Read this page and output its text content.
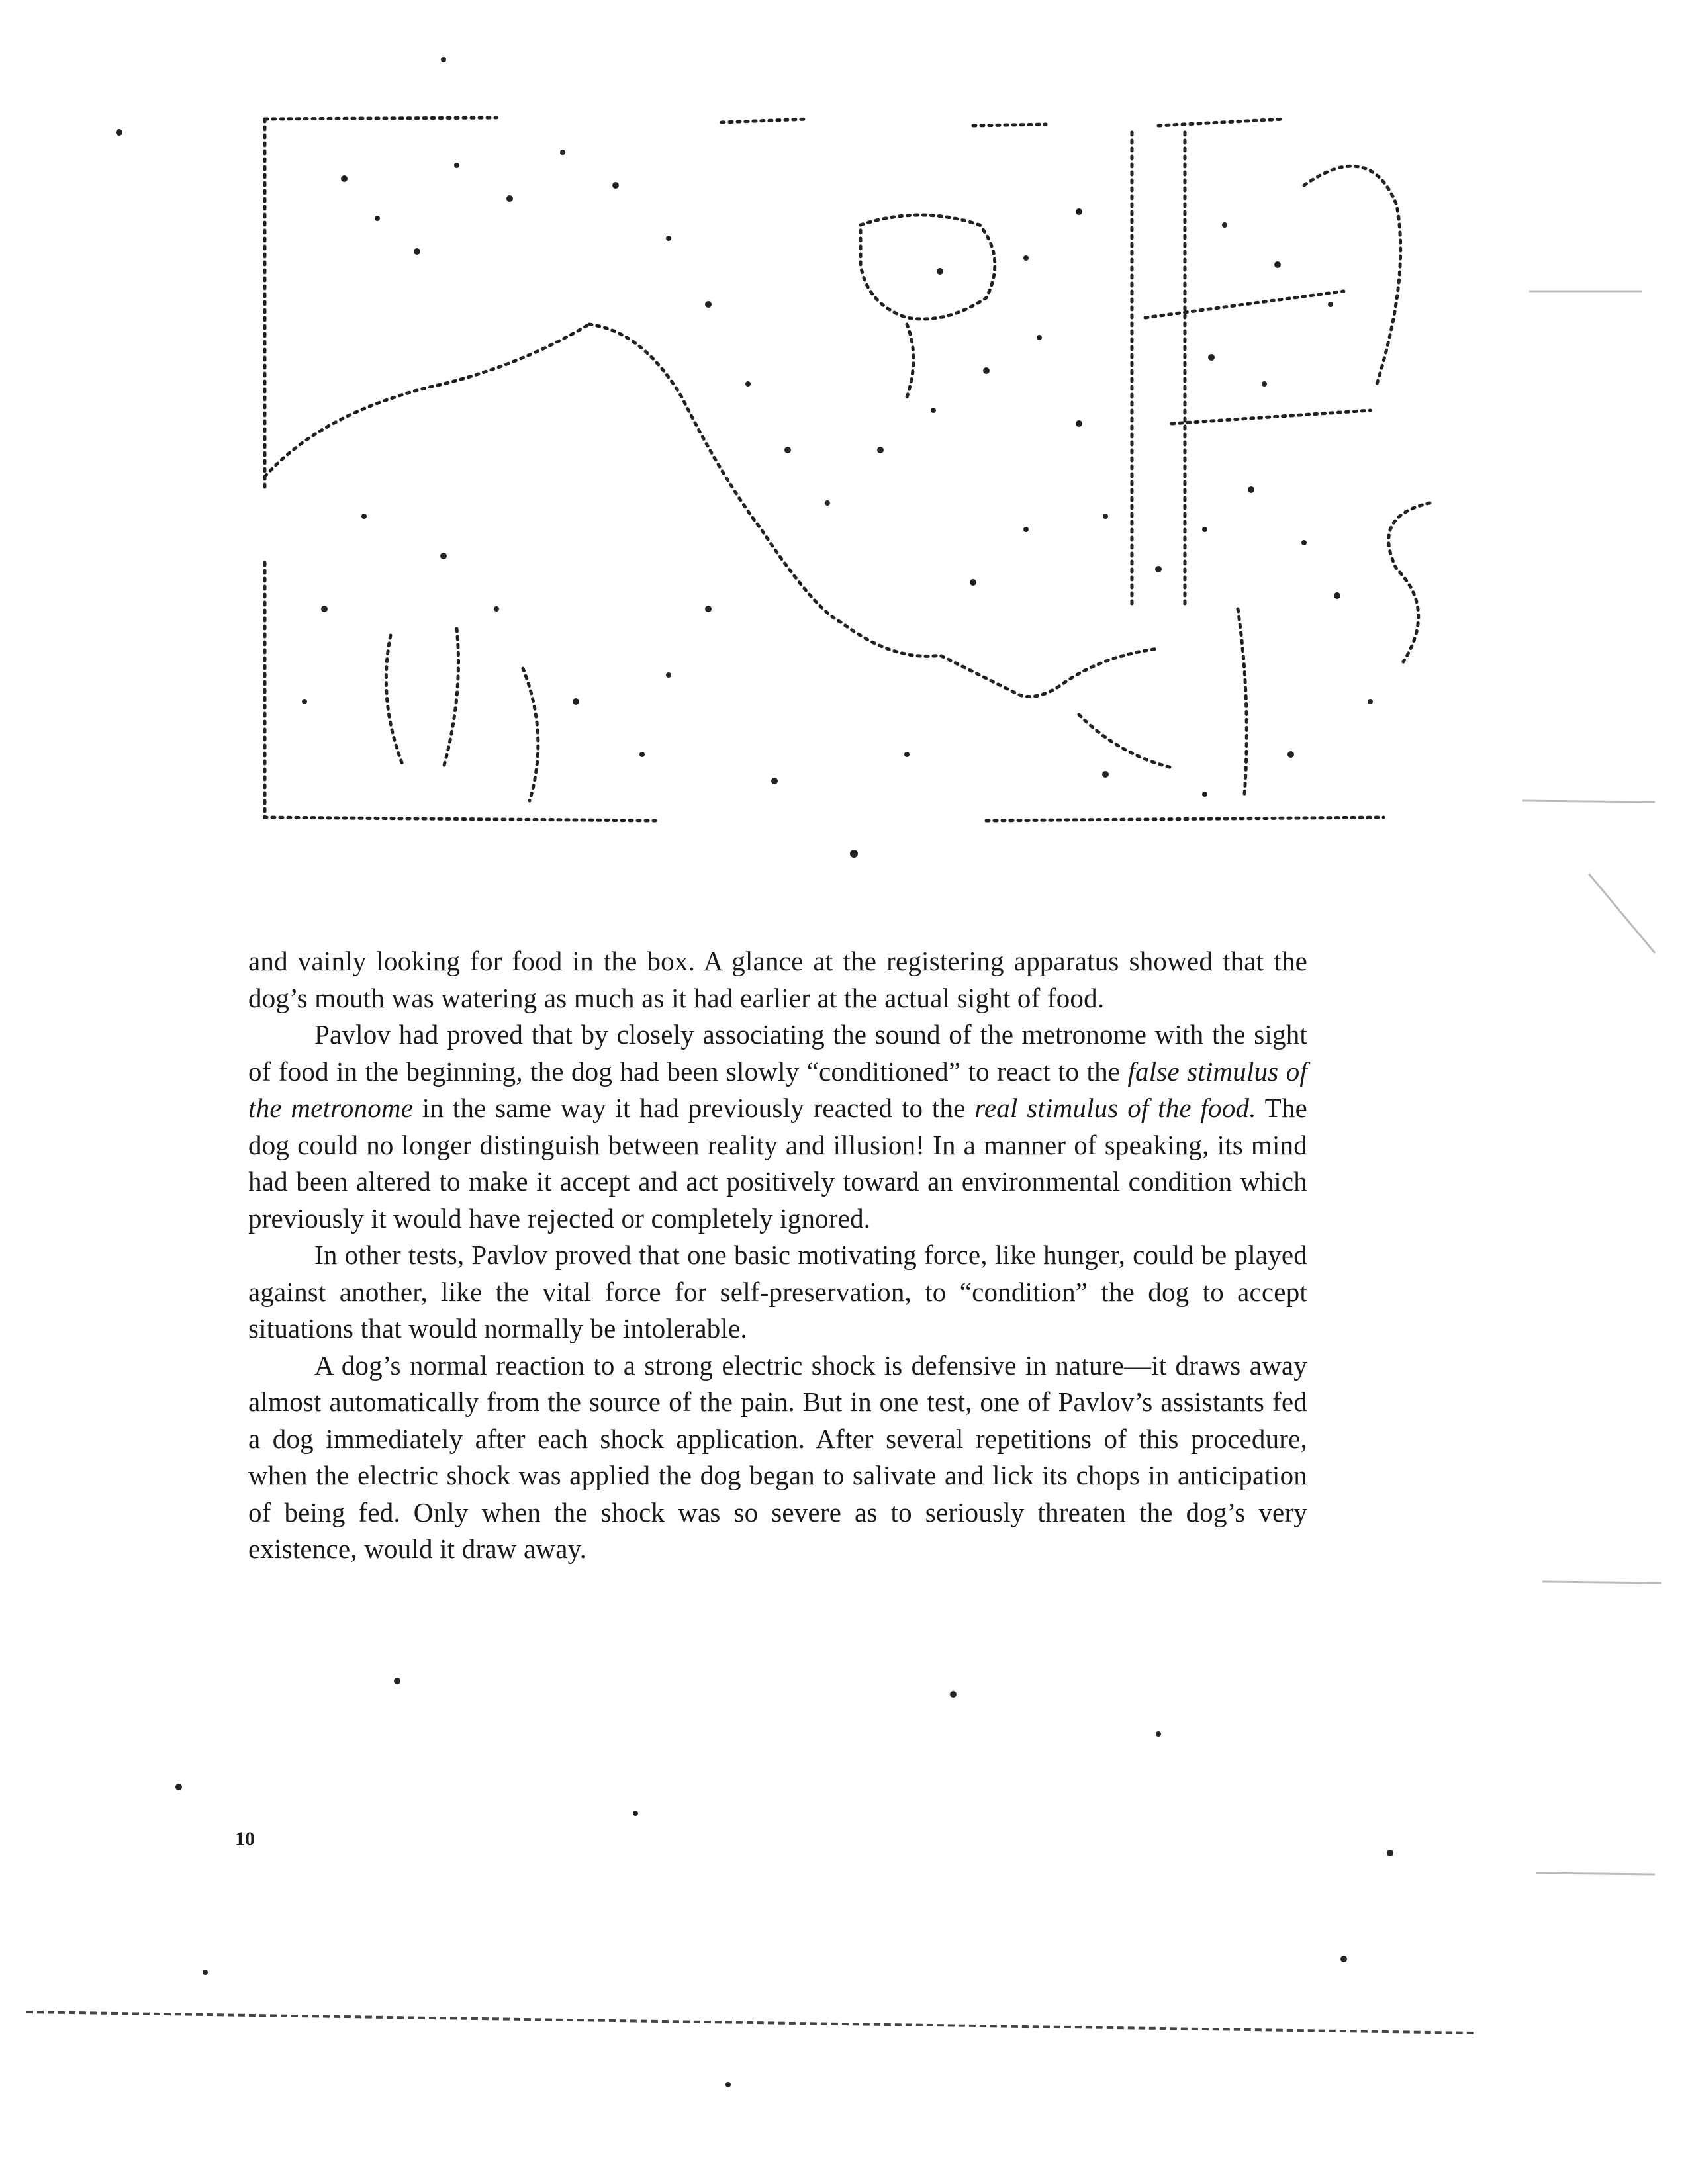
and vainly looking for food in the box. A glance at the registering apparatus showed that the dog’s mouth was watering as much as it had earlier at the actual sight of food.

Pavlov had proved that by closely associating the sound of the metronome with the sight of food in the beginning, the dog had been slowly “conditioned” to react to the false stimulus of the metronome in the same way it had previously reacted to the real stimulus of the food. The dog could no longer distinguish between reality and illusion! In a manner of speaking, its mind had been altered to make it accept and act positively toward an environmental condition which previously it would have rejected or completely ignored.

In other tests, Pavlov proved that one basic motivating force, like hunger, could be played against another, like the vital force for self-preservation, to “condition” the dog to accept situations that would normally be intolerable.

A dog’s normal reaction to a strong electric shock is defensive in nature—it draws away almost automatically from the source of the pain. But in one test, one of Pavlov’s assistants fed a dog immediately after each shock application. After several repetitions of this procedure, when the electric shock was applied the dog began to salivate and lick its chops in anticipation of being fed. Only when the shock was so severe as to seriously threaten the dog’s very existence, would it draw away.

10
